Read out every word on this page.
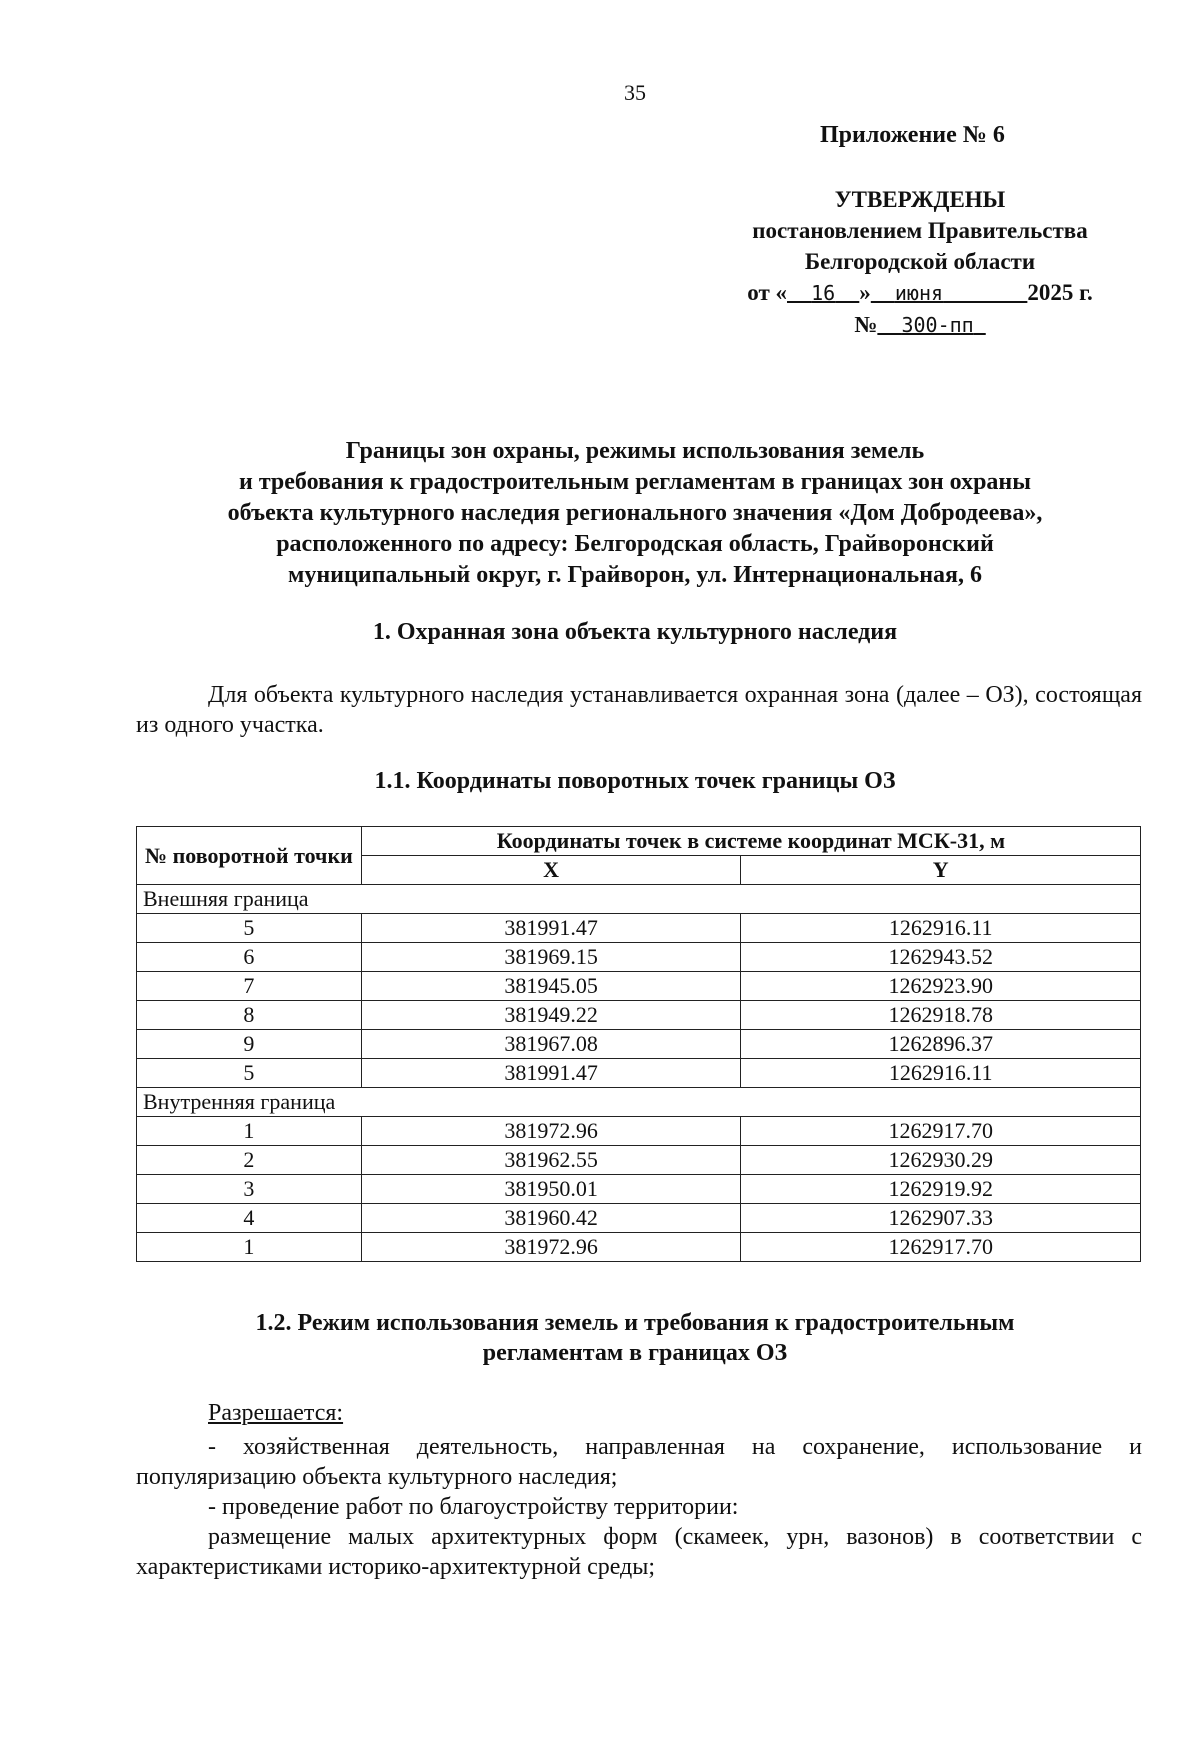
35
Приложение № 6
УТВЕРЖДЕНЫ
постановлением Правительства
Белгородской области
от « 16 » июня	2025 г.
№ 300-пп
Границы зон охраны, режимы использования земель
и требования к градостроительным регламентам в границах зон охраны
объекта культурного наследия регионального значения «Дом Добродеева»,
расположенного по адресу: Белгородская область, Грайворонский
муниципальный округ, г. Грайворон, ул. Интернациональная, 6
1. Охранная зона объекта культурного наследия
Для объекта культурного наследия устанавливается охранная зона (далее – ОЗ), состоящая из одного участка.
1.1. Координаты поворотных точек границы ОЗ
№ поворотной точки	Координаты точек в системе координат МСК-31, м	
	X	Y
Внешняя граница		
5	381991.47	1262916.11
6	381969.15	1262943.52
7	381945.05	1262923.90
8	381949.22	1262918.78
9	381967.08	1262896.37
5	381991.47	1262916.11
Внутренняя граница		
1	381972.96	1262917.70
2	381962.55	1262930.29
3	381950.01	1262919.92
4	381960.42	1262907.33
1	381972.96	1262917.70
1.2. Режим использования земель и требования к градостроительным
регламентам в границах ОЗ
Разрешается:

- хозяйственная деятельность, направленная на сохранение, использование и популяризацию объекта культурного наследия;

- проведение работ по благоустройству территории:

размещение малых архитектурных форм (скамеек, урн, вазонов) в соответствии с характеристиками историко-архитектурной среды;
